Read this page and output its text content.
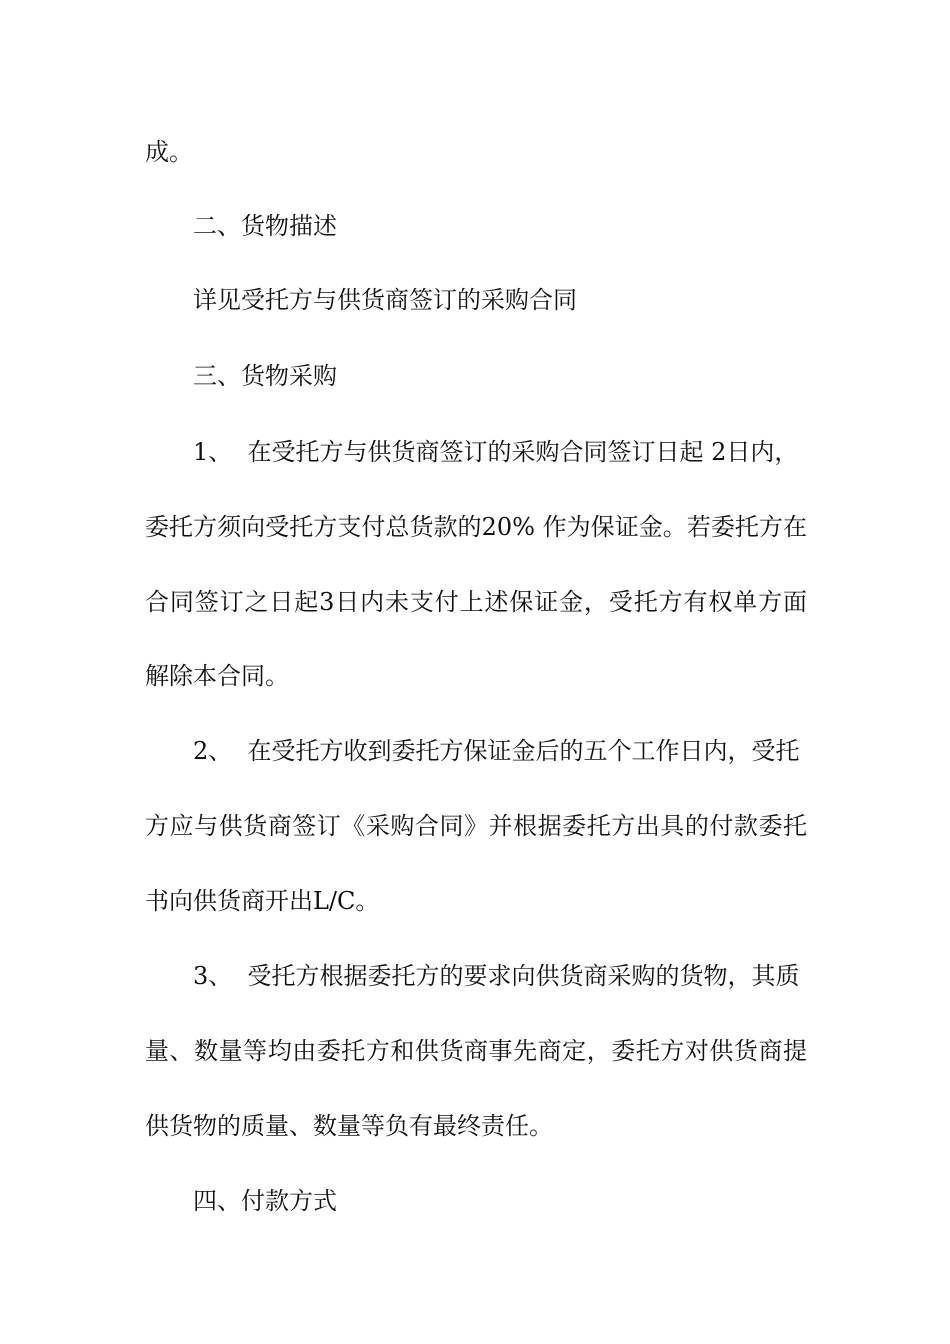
成。
二、货物描述
详见受托方与供货商签订的采购合同
三、货物采购
1、  在受托方与供货商签订的采购合同签订日起 2日内，
委托方须向受托方支付总货款的20% 作为保证金。若委托方在
合同签订之日起3日内未支付上述保证金，受托方有权单方面
解除本合同。
2、  在受托方收到委托方保证金后的五个工作日内，受托
方应与供货商签订《采购合同》并根据委托方出具的付款委托
书向供货商开出L/C。
3、  受托方根据委托方的要求向供货商采购的货物，其质
量、数量等均由委托方和供货商事先商定，委托方对供货商提
供货物的质量、数量等负有最终责任。
四、付款方式
